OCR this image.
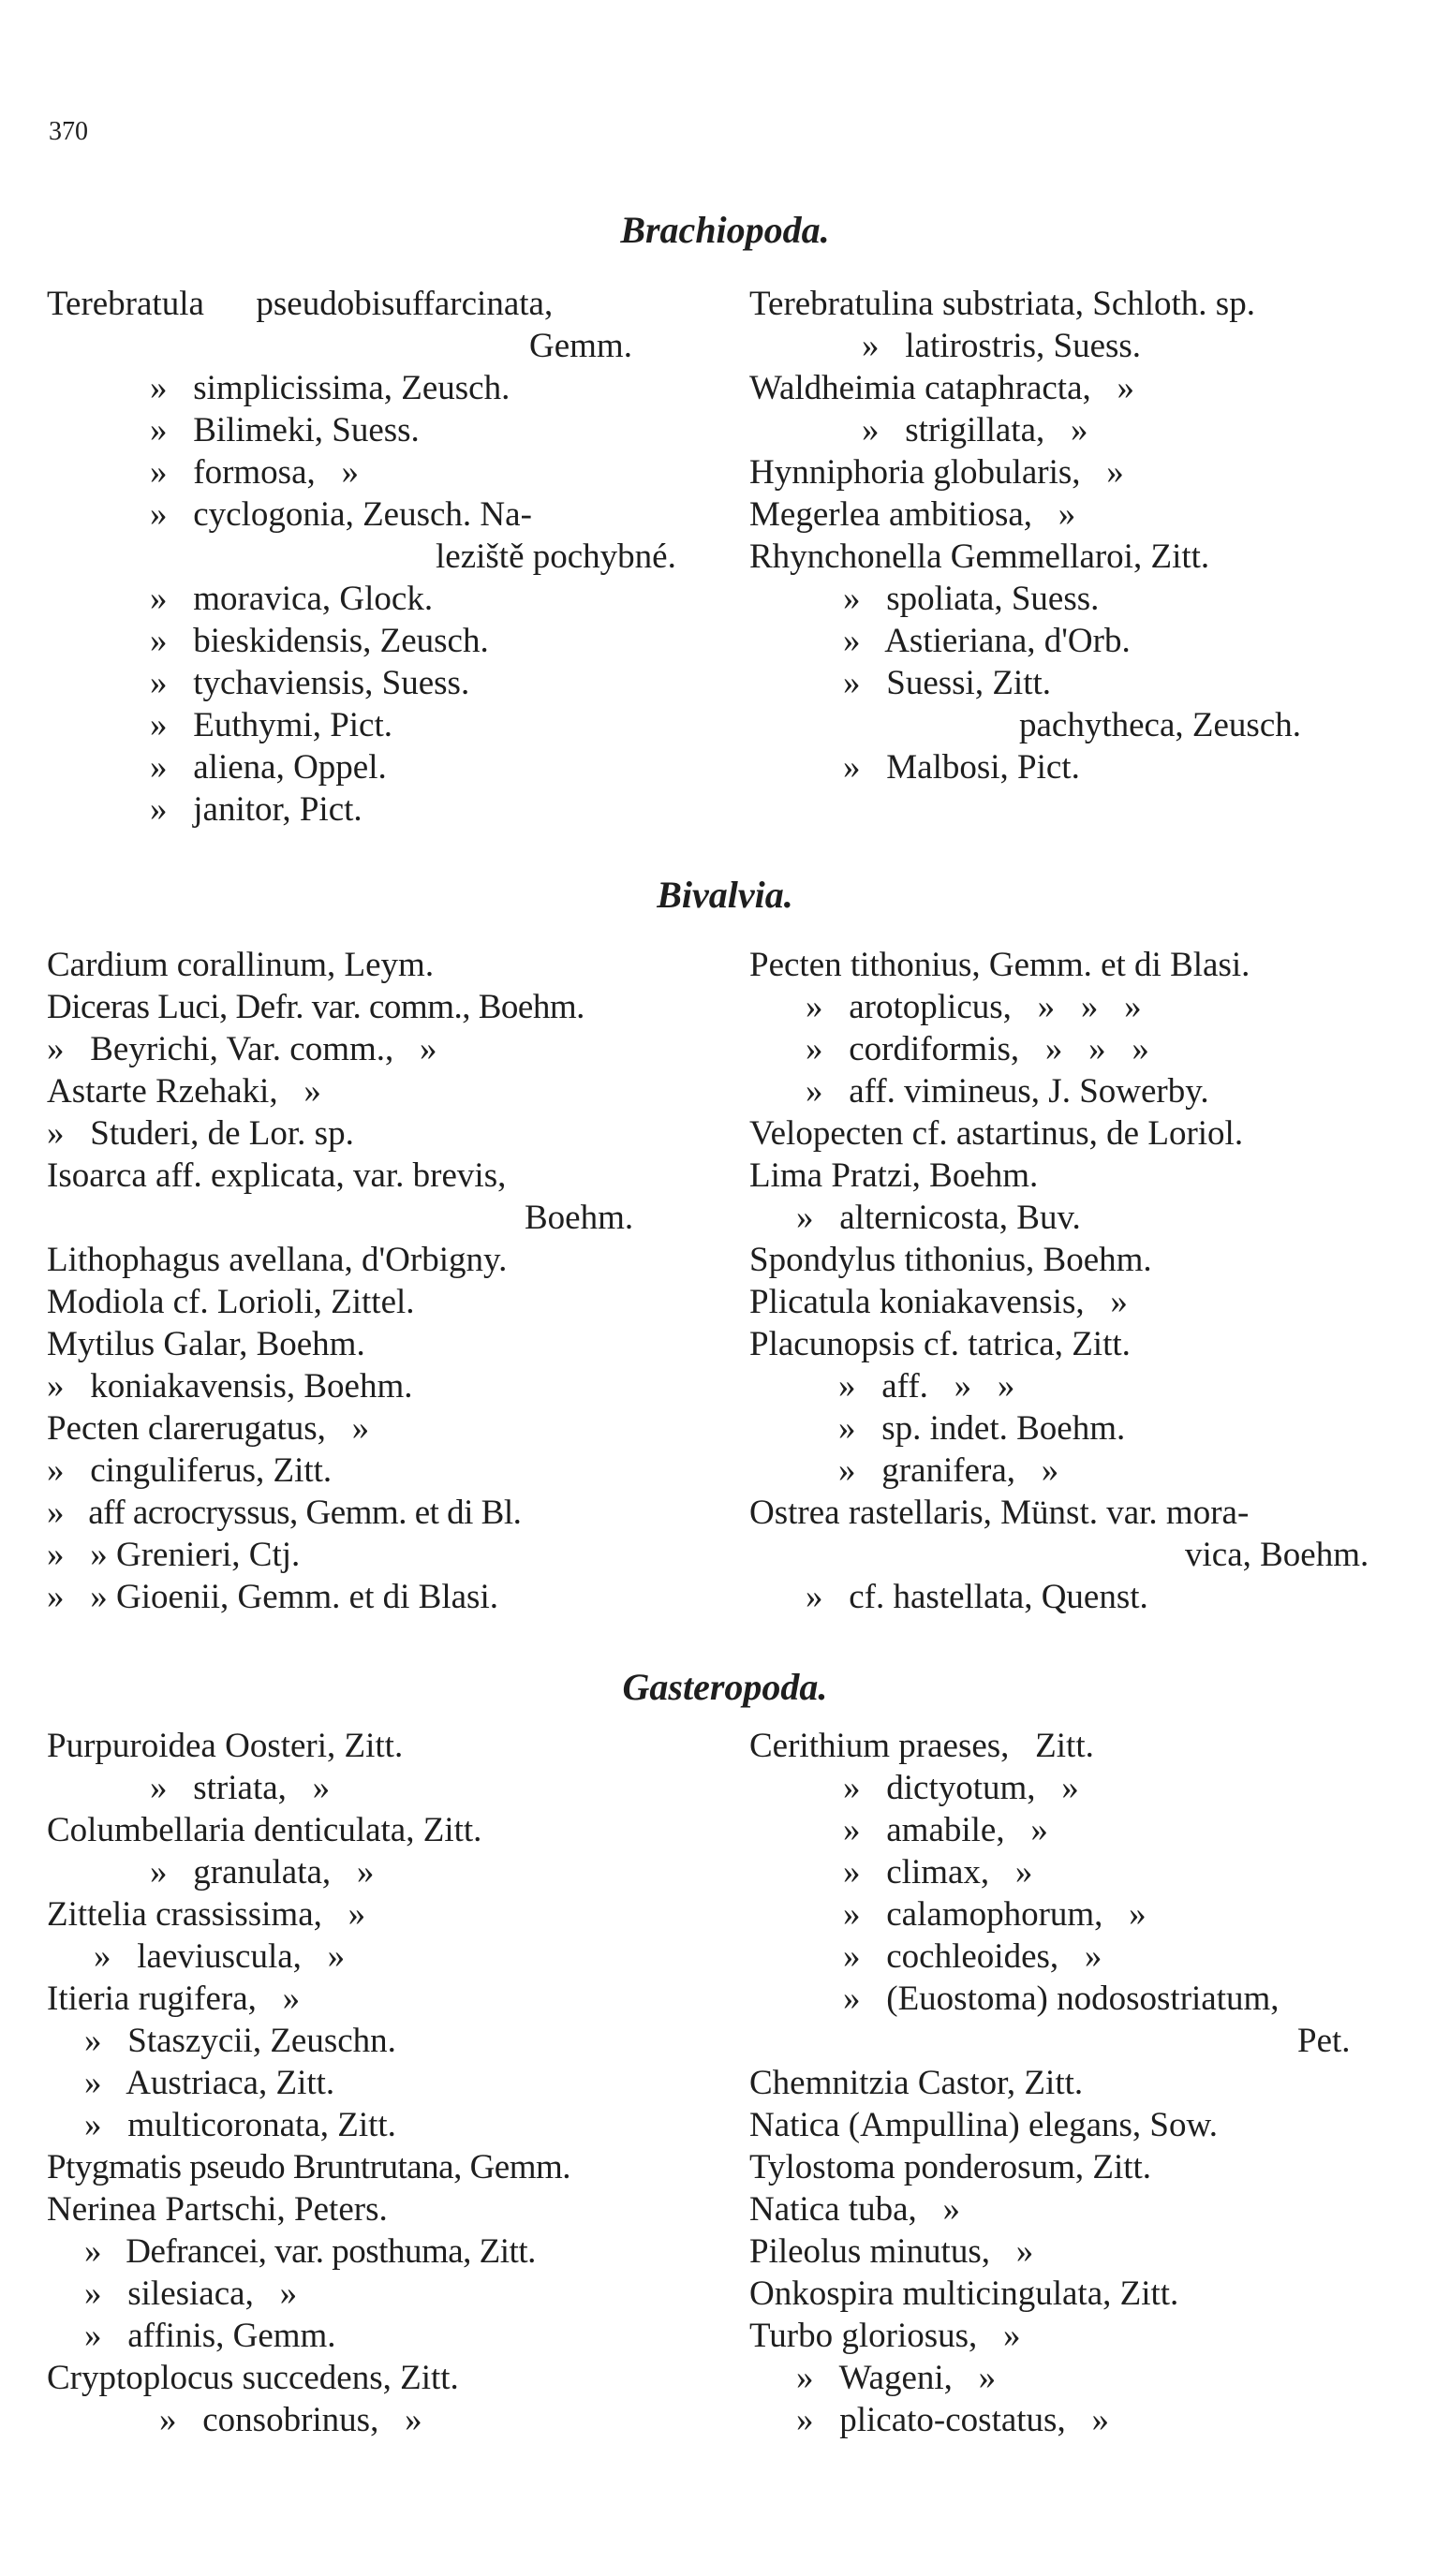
370
Brachiopoda.
Terebratula      pseudobisuffarcinata,
Gemm.
»   simplicissima, Zeusch.
»   Bilimeki, Suess.
»   formosa,   »
»   cyclogonia, Zeusch. Na-
leziště pochybné.
»   moravica, Glock.
»   bieskidensis, Zeusch.
»   tychaviensis, Suess.
»   Euthymi, Pict.
»   aliena, Oppel.
»   janitor, Pict.
Terebratulina substriata, Schloth. sp.
»   latirostris, Suess.
Waldheimia cataphracta,   »
»   strigillata,   »
Hynniphoria globularis,   »
Megerlea ambitiosa,   »
Rhynchonella Gemmellaroi, Zitt.
»   spoliata, Suess.
»   Astieriana, d'Orb.
»   Suessi, Zitt.
pachytheca, Zeusch.
»   Malbosi, Pict.
Bivalvia.
Cardium corallinum, Leym.
Diceras Luci, Defr. var. comm., Boehm.
»   Beyrichi, Var. comm.,   »
Astarte Rzehaki,   »
»   Studeri, de Lor. sp.
Isoarca aff. explicata, var. brevis,
Boehm.
Lithophagus avellana, d'Orbigny.
Modiola cf. Lorioli, Zittel.
Mytilus Galar, Boehm.
»   koniakavensis, Boehm.
Pecten clarerugatus,   »
»   cinguliferus, Zitt.
»   aff acrocryssus, Gemm. et di Bl.
»   » Grenieri, Ctj.
»   » Gioenii, Gemm. et di Blasi.
Pecten tithonius, Gemm. et di Blasi.
»   arotoplicus,   »   »   »
»   cordiformis,   »   »   »
»   aff. vimineus, J. Sowerby.
Velopecten cf. astartinus, de Loriol.
Lima Pratzi, Boehm.
»   alternicosta, Buv.
Spondylus tithonius, Boehm.
Plicatula koniakavensis,   »
Placunopsis cf. tatrica, Zitt.
»   aff.   »   »
»   sp. indet. Boehm.
»   granifera,   »
Ostrea rastellaris, Münst. var. mora-
vica, Boehm.
»   cf. hastellata, Quenst.
Gasteropoda.
Purpuroidea Oosteri, Zitt.
»   striata,   »
Columbellaria denticulata, Zitt.
»   granulata,   »
Zittelia crassissima,   »
»   laeviuscula,   »
Itieria rugifera,   »
»   Staszycii, Zeuschn.
»   Austriaca, Zitt.
»   multicoronata, Zitt.
Ptygmatis pseudo Bruntrutana, Gemm.
Nerinea Partschi, Peters.
»   Defrancei, var. posthuma, Zitt.
»   silesiaca,   »
»   affinis, Gemm.
Cryptoplocus succedens, Zitt.
»   consobrinus,   »
Cerithium praeses,   Zitt.
»   dictyotum,   »
»   amabile,   »
»   climax,   »
»   calamophorum,   »
»   cochleoides,   »
»   (Euostoma) nodosostriatum,
Pet.
Chemnitzia Castor, Zitt.
Natica (Ampullina) elegans, Sow.
Tylostoma ponderosum, Zitt.
Natica tuba,   »
Pileolus minutus,   »
Onkospira multicingulata, Zitt.
Turbo gloriosus,   »
»   Wageni,   »
»   plicato-costatus,   »
